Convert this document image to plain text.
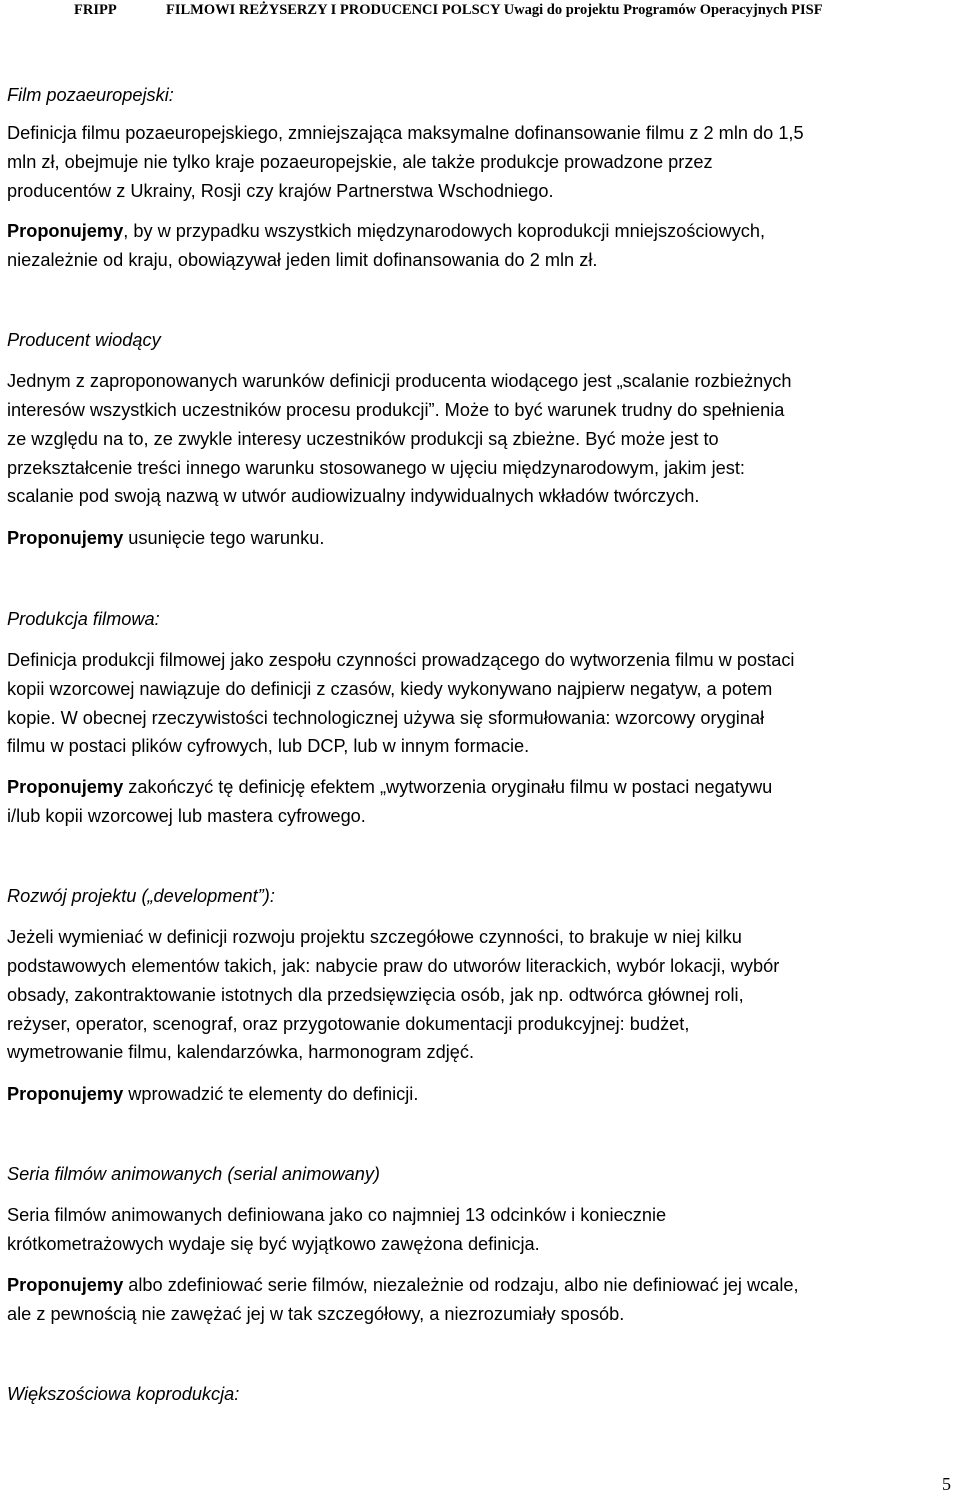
FRIPP	FILMOWI REŻYSERZY I PRODUCENCI POLSCY Uwagi do projektu Programów Operacyjnych PISF
Film pozaeuropejski:
Definicja filmu pozaeuropejskiego, zmniejszająca maksymalne dofinansowanie filmu z 2 mln do 1,5
mln zł, obejmuje nie tylko kraje pozaeuropejskie, ale także produkcje prowadzone przez
producentów z Ukrainy, Rosji czy krajów Partnerstwa Wschodniego.
Proponujemy, by w przypadku wszystkich międzynarodowych koprodukcji mniejszościowych,
niezależnie od kraju, obowiązywał jeden limit dofinansowania do 2 mln zł.
Producent wiodący
Jednym z zaproponowanych warunków definicji producenta wiodącego jest „scalanie rozbieżnych
interesów wszystkich uczestników procesu produkcji”. Może to być warunek trudny do spełnienia
ze względu na to, ze zwykle interesy uczestników produkcji są zbieżne. Być może jest to
przekształcenie treści innego warunku stosowanego w ujęciu międzynarodowym, jakim jest:
scalanie pod swoją nazwą w utwór audiowizualny indywidualnych wkładów twórczych.
Proponujemy usunięcie tego warunku.
Produkcja filmowa:
Definicja produkcji filmowej jako zespołu czynności prowadzącego do wytworzenia filmu w postaci
kopii wzorcowej nawiązuje do definicji z czasów, kiedy wykonywano najpierw negatyw, a potem
kopie. W obecnej rzeczywistości technologicznej używa się sformułowania: wzorcowy oryginał
filmu w postaci plików cyfrowych, lub DCP, lub w innym formacie.
Proponujemy zakończyć tę definicję efektem „wytworzenia oryginału filmu w postaci negatywu
i/lub kopii wzorcowej lub mastera cyfrowego.
Rozwój projektu („development”):
Jeżeli wymieniać w definicji rozwoju projektu szczegółowe czynności, to brakuje w niej kilku
podstawowych elementów takich, jak: nabycie praw do utworów literackich, wybór lokacji, wybór
obsady, zakontraktowanie istotnych dla przedsięwzięcia osób, jak np. odtwórca głównej roli,
reżyser, operator, scenograf, oraz przygotowanie dokumentacji produkcyjnej: budżet,
wymetrowanie filmu, kalendarzówka, harmonogram zdjęć.
Proponujemy wprowadzić te elementy do definicji.
Seria filmów animowanych (serial animowany)
Seria filmów animowanych definiowana jako co najmniej 13 odcinków i koniecznie
krótkometrażowych wydaje się być wyjątkowo zawężona definicja.
Proponujemy albo zdefiniować serie filmów, niezależnie od rodzaju, albo nie definiować jej wcale,
ale z pewnością nie zawężać jej w tak szczegółowy, a niezrozumiały sposób.
Większościowa koprodukcja:
5
